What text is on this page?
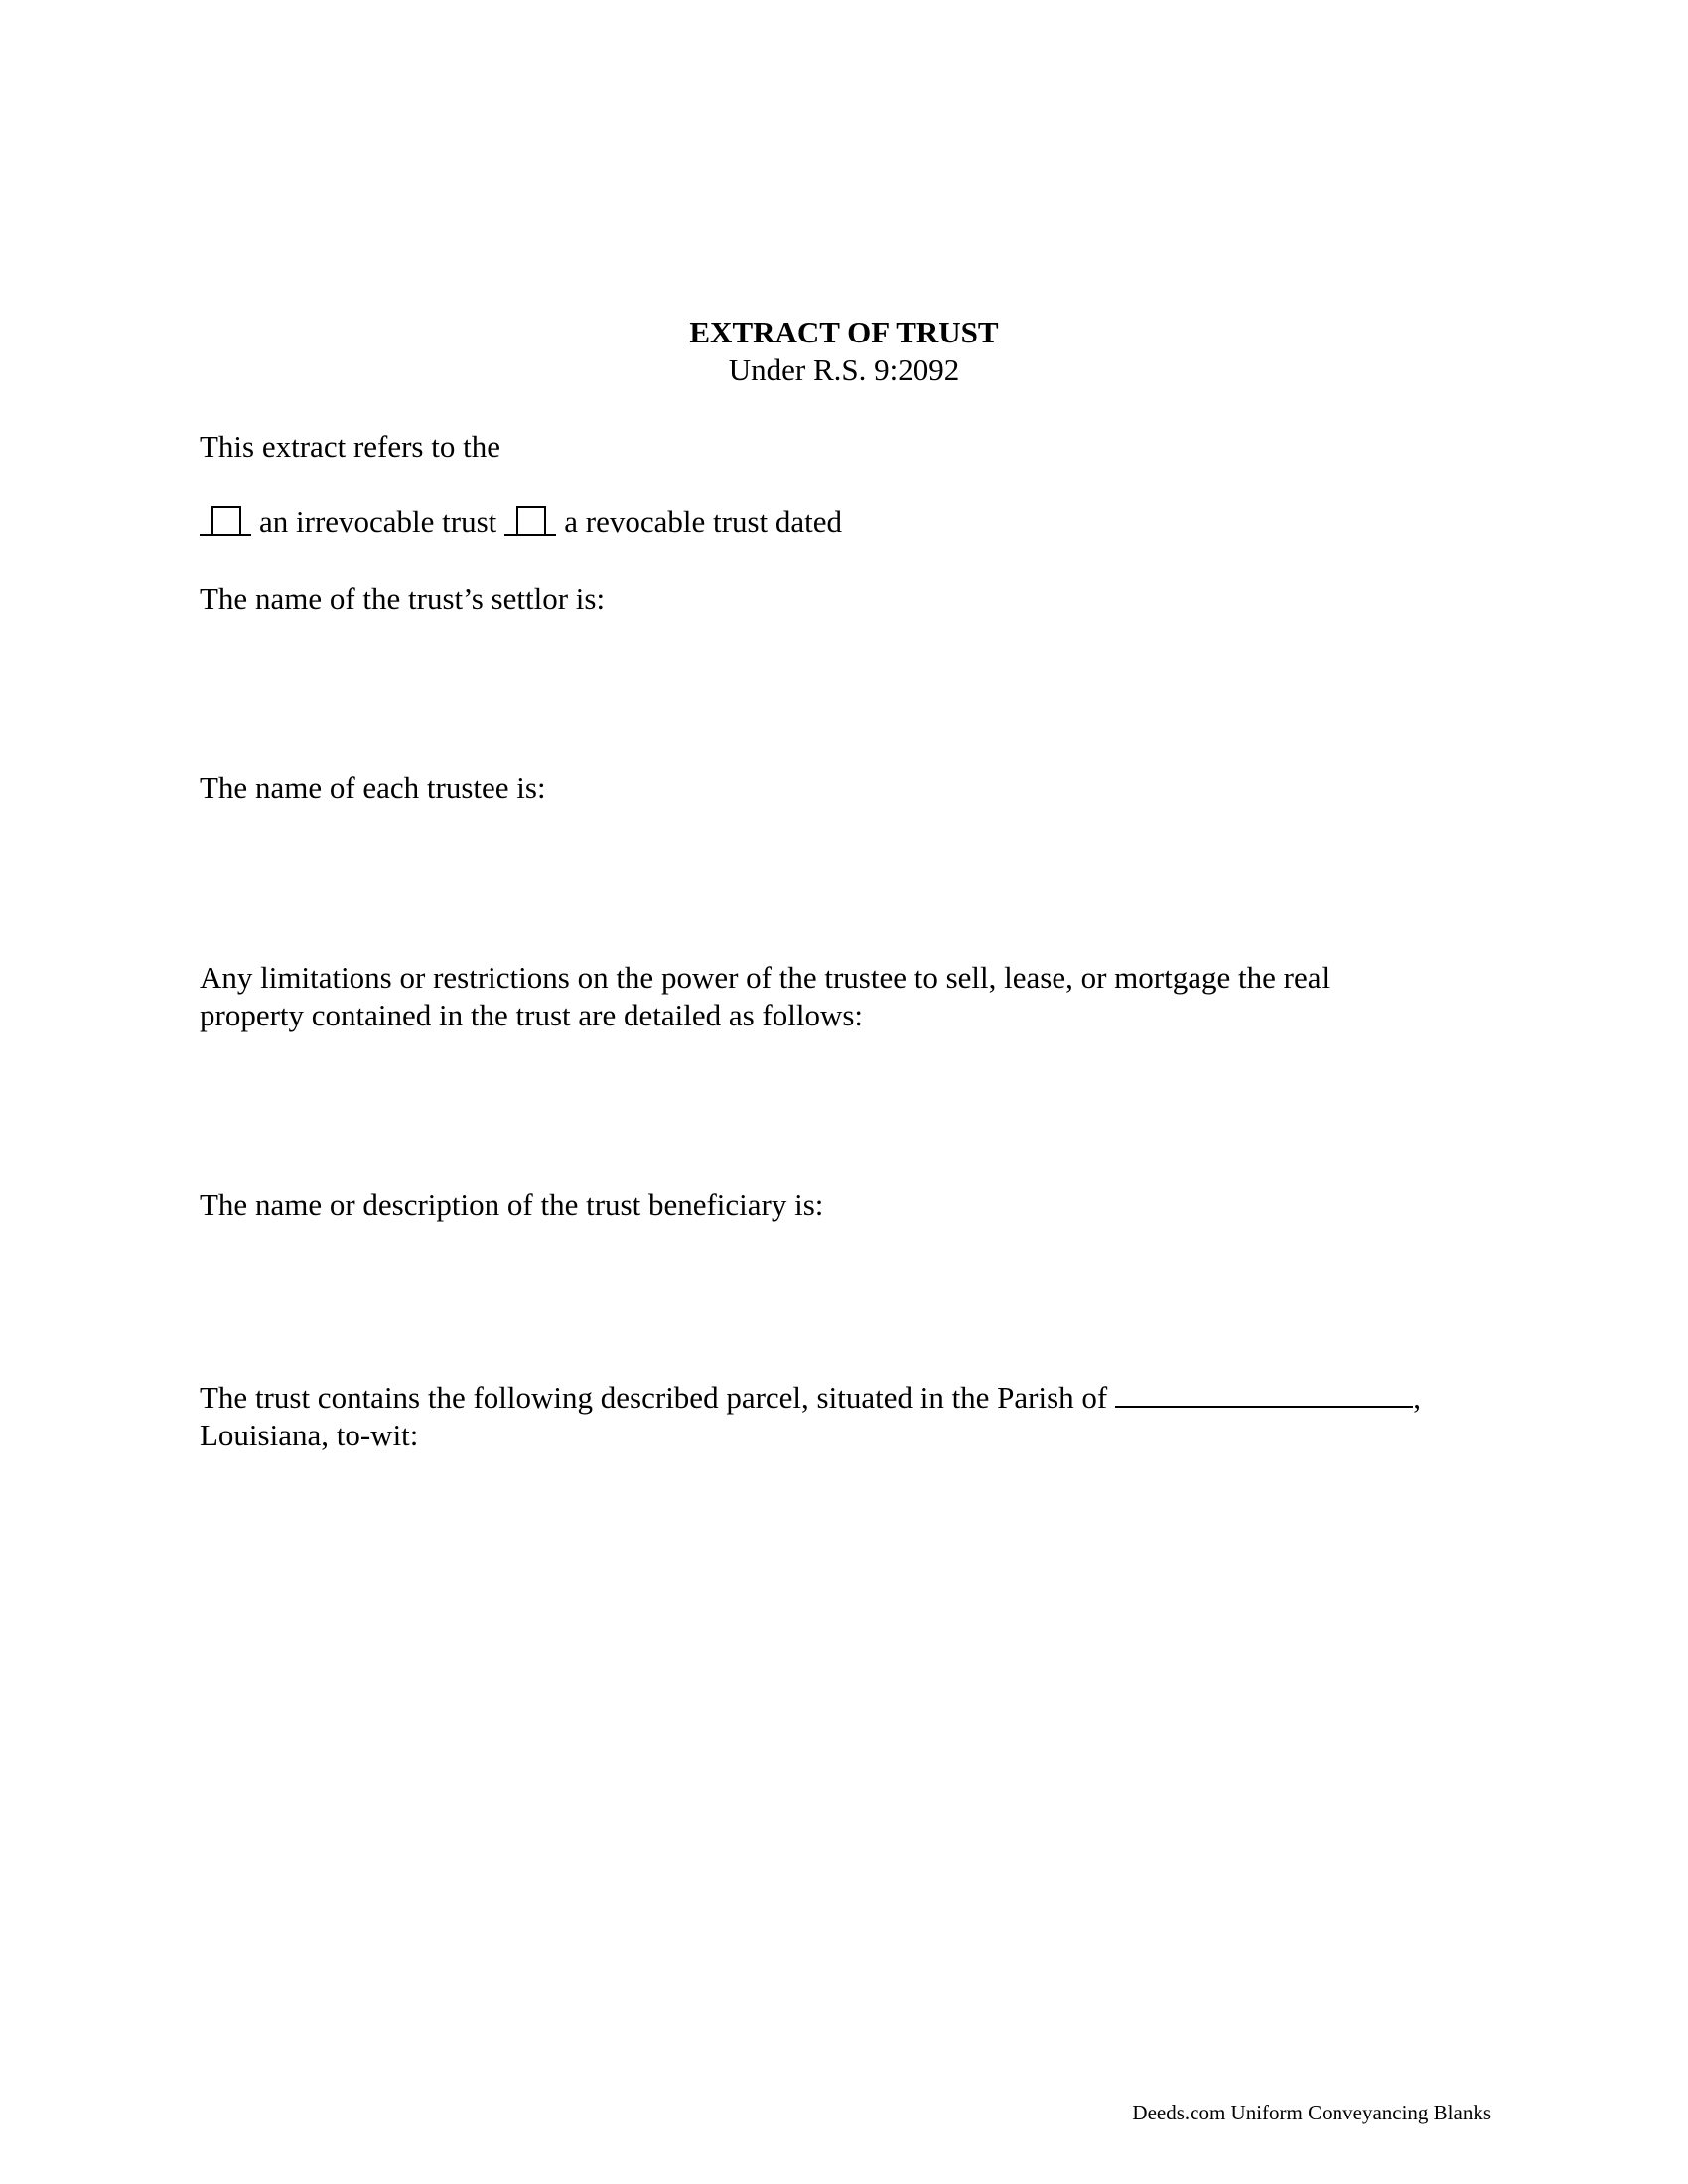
EXTRACT OF TRUST
Under R.S. 9:2092
This extract refers to the
an irrevocable trust a revocable trust dated
The name of the trust’s settlor is:
The name of each trustee is:
Any limitations or restrictions on the power of the trustee to sell, lease, or mortgage the real
property contained in the trust are detailed as follows:
The name or description of the trust beneficiary is:
The trust contains the following described parcel, situated in the Parish of	,
Louisiana, to-wit:
Deeds.com Uniform Conveyancing Blanks
